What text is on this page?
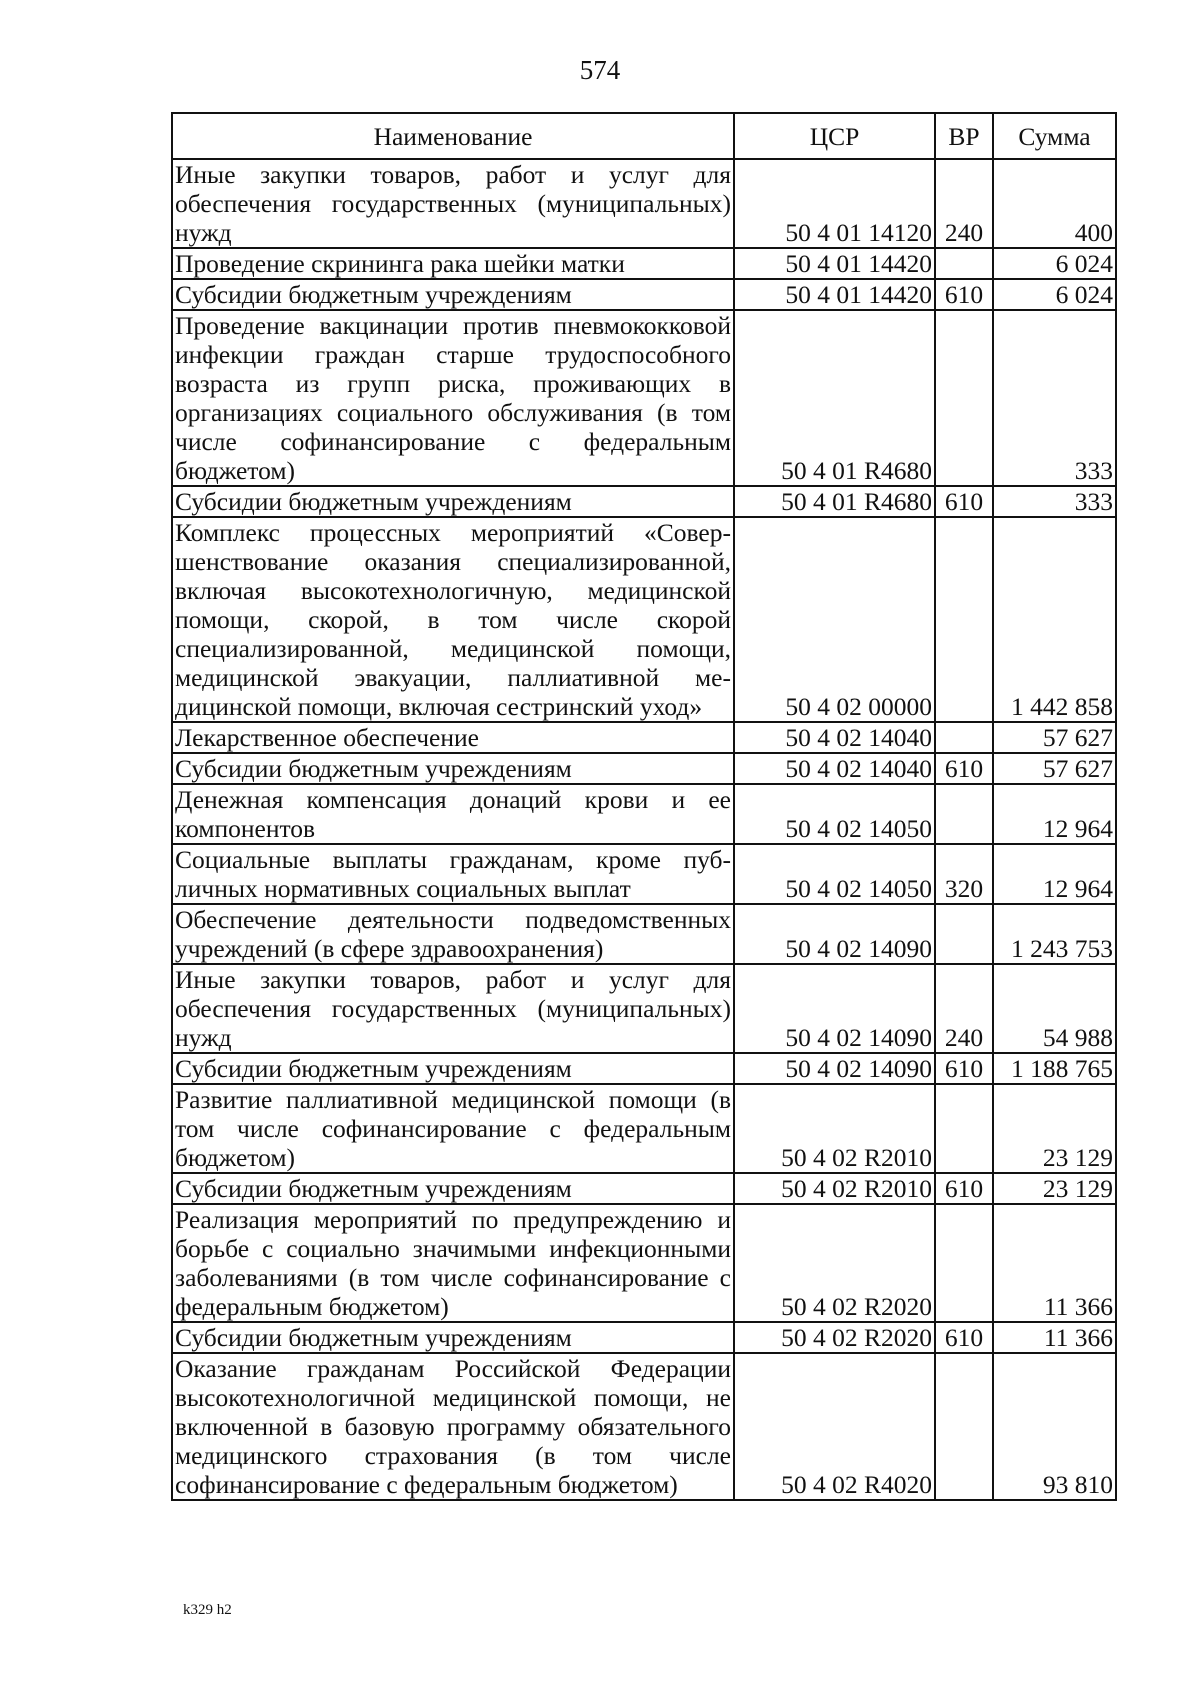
574
Наименование	ЦСР	ВР	Сумма
Иные закупки товаров, работ и услуг для обеспечения государственных (муниципальных) нужд	50 4 01 14120	240	400
Проведение скрининга рака шейки матки	50 4 01 14420		6 024
Субсидии бюджетным учреждениям	50 4 01 14420	610	6 024
Проведение вакцинации против пневмококковой инфекции граждан старше трудоспособного возраста из групп риска, проживающих в организациях социального обслуживания (в том числе софинансирование с федеральным бюджетом)	50 4 01 R4680		333
Субсидии бюджетным учреждениям	50 4 01 R4680	610	333
Комплекс процессных мероприятий «Совершенствование оказания специализированной, включая высокотехнологичную, медицинской помощи, скорой, в том числе скорой специализированной, медицинской помощи, медицинской эвакуации, паллиативной медицинской помощи, включая сестринский уход»	50 4 02 00000		1 442 858
Лекарственное обеспечение	50 4 02 14040		57 627
Субсидии бюджетным учреждениям	50 4 02 14040	610	57 627
Денежная компенсация донаций крови и ее компонентов	50 4 02 14050		12 964
Социальные выплаты гражданам, кроме публичных нормативных социальных выплат	50 4 02 14050	320	12 964
Обеспечение деятельности подведомственных учреждений (в сфере здравоохранения)	50 4 02 14090		1 243 753
Иные закупки товаров, работ и услуг для обеспечения государственных (муниципальных) нужд	50 4 02 14090	240	54 988
Субсидии бюджетным учреждениям	50 4 02 14090	610	1 188 765
Развитие паллиативной медицинской помощи (в том числе софинансирование с федеральным бюджетом)	50 4 02 R2010		23 129
Субсидии бюджетным учреждениям	50 4 02 R2010	610	23 129
Реализация мероприятий по предупреждению и борьбе с социально значимыми инфекционными заболеваниями (в том числе софинансирование с федеральным бюджетом)	50 4 02 R2020		11 366
Субсидии бюджетным учреждениям	50 4 02 R2020	610	11 366
Оказание гражданам Российской Федерации высокотехнологичной медицинской помощи, не включенной в базовую программу обязательного медицинского страхования (в том числе софинансирование с федеральным бюджетом)	50 4 02 R4020		93 810
k329 h2
